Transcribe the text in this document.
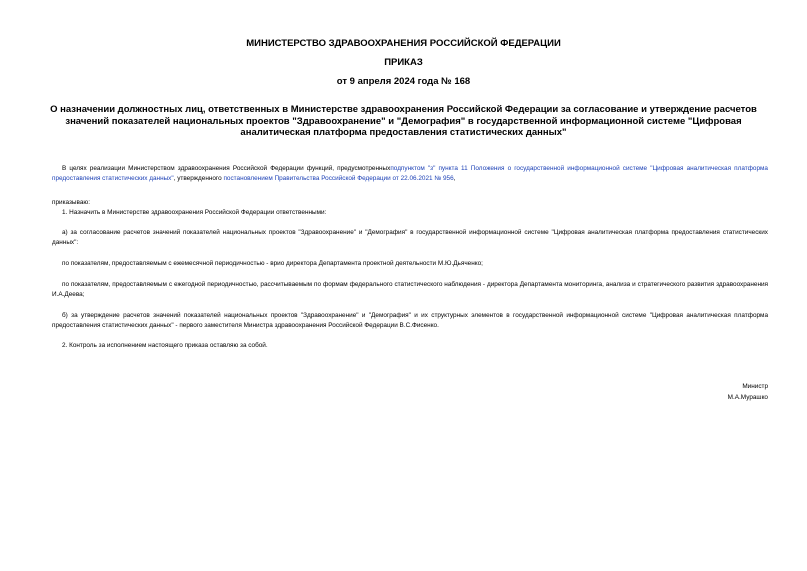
МИНИСТЕРСТВО ЗДРАВООХРАНЕНИЯ РОССИЙСКОЙ ФЕДЕРАЦИИ
ПРИКАЗ
от 9 апреля 2024 года № 168
О назначении должностных лиц, ответственных в Министерстве здравоохранения Российской Федерации за согласование и утверждение расчетов значений показателей национальных проектов "Здравоохранение" и "Демография" в государственной информационной системе "Цифровая аналитическая платформа предоставления статистических данных"
В целях реализации Министерством здравоохранения Российской Федерации функций, предусмотренныхподпунктом "з" пункта 11 Положения о государственной информационной системе "Цифровая аналитическая платформа предоставления статистических данных", утвержденного постановлением Правительства Российской Федерации от 22.06.2021 № 956,
приказываю:
1. Назначить в Министерстве здравоохранения Российской Федерации ответственными:
а) за согласование расчетов значений показателей национальных проектов "Здравоохранение" и "Демография" в государственной информационной системе "Цифровая аналитическая платформа предоставления статистических данных":
по показателям, предоставляемым с ежемесячной периодичностью - врио директора Департамента проектной деятельности М.Ю.Дьяченко;
по показателям, предоставляемым с ежегодной периодичностью, рассчитываемым по формам федерального статистического наблюдения - директора Департамента мониторинга, анализа и стратегического развития здравоохранения И.А.Деева;
б) за утверждение расчетов значений показателей национальных проектов "Здравоохранение" и "Демография" и их структурных элементов в государственной информационной системе "Цифровая аналитическая платформа предоставления статистических данных" - первого заместителя Министра здравоохранения Российской Федерации В.С.Фисенко.
2. Контроль за исполнением настоящего приказа оставляю за собой.
Министр
М.А.Мурашко
